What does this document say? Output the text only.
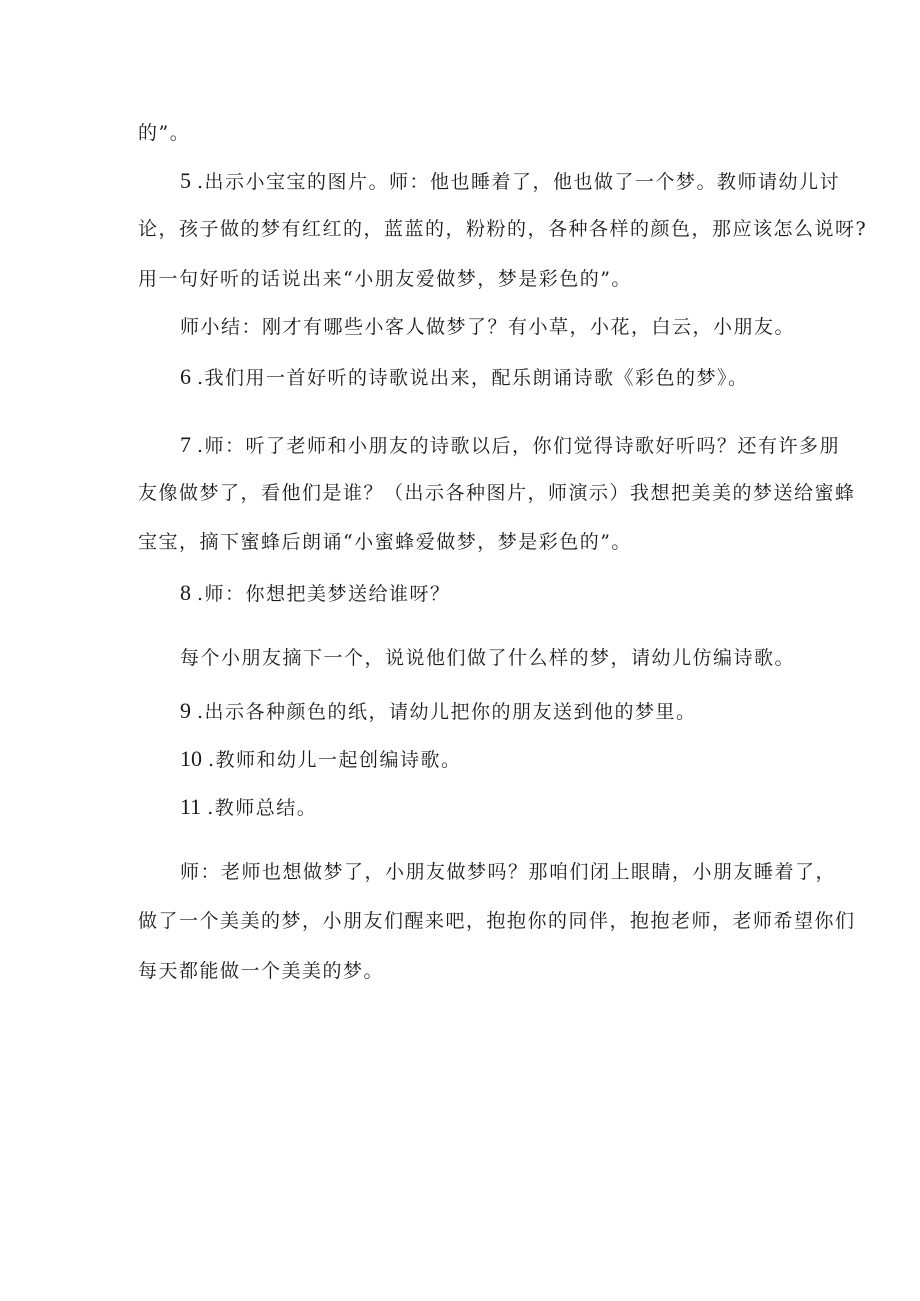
的”。
5 .出示小宝宝的图片。师：他也睡着了，他也做了一个梦。教师请幼儿讨
论，孩子做的梦有红红的，蓝蓝的，粉粉的，各种各样的颜色，那应该怎么说呀?
用一句好听的话说出来“小朋友爱做梦，梦是彩色的”。
师小结：刚才有哪些小客人做梦了？有小草，小花，白云，小朋友。
6 .我们用一首好听的诗歌说出来，配乐朗诵诗歌《彩色的梦》。
7 .师：听了老师和小朋友的诗歌以后，你们觉得诗歌好听吗？还有许多朋
友像做梦了，看他们是谁？（出示各种图片，师演示）我想把美美的梦送给蜜蜂
宝宝，摘下蜜蜂后朗诵“小蜜蜂爱做梦，梦是彩色的”。
8 .师：你想把美梦送给谁呀？
每个小朋友摘下一个，说说他们做了什么样的梦，请幼儿仿编诗歌。
9 .出示各种颜色的纸，请幼儿把你的朋友送到他的梦里。
10 .教师和幼儿一起创编诗歌。
11 .教师总结。
师：老师也想做梦了，小朋友做梦吗？那咱们闭上眼睛，小朋友睡着了，
做了一个美美的梦，小朋友们醒来吧，抱抱你的同伴，抱抱老师，老师希望你们
每天都能做一个美美的梦。
